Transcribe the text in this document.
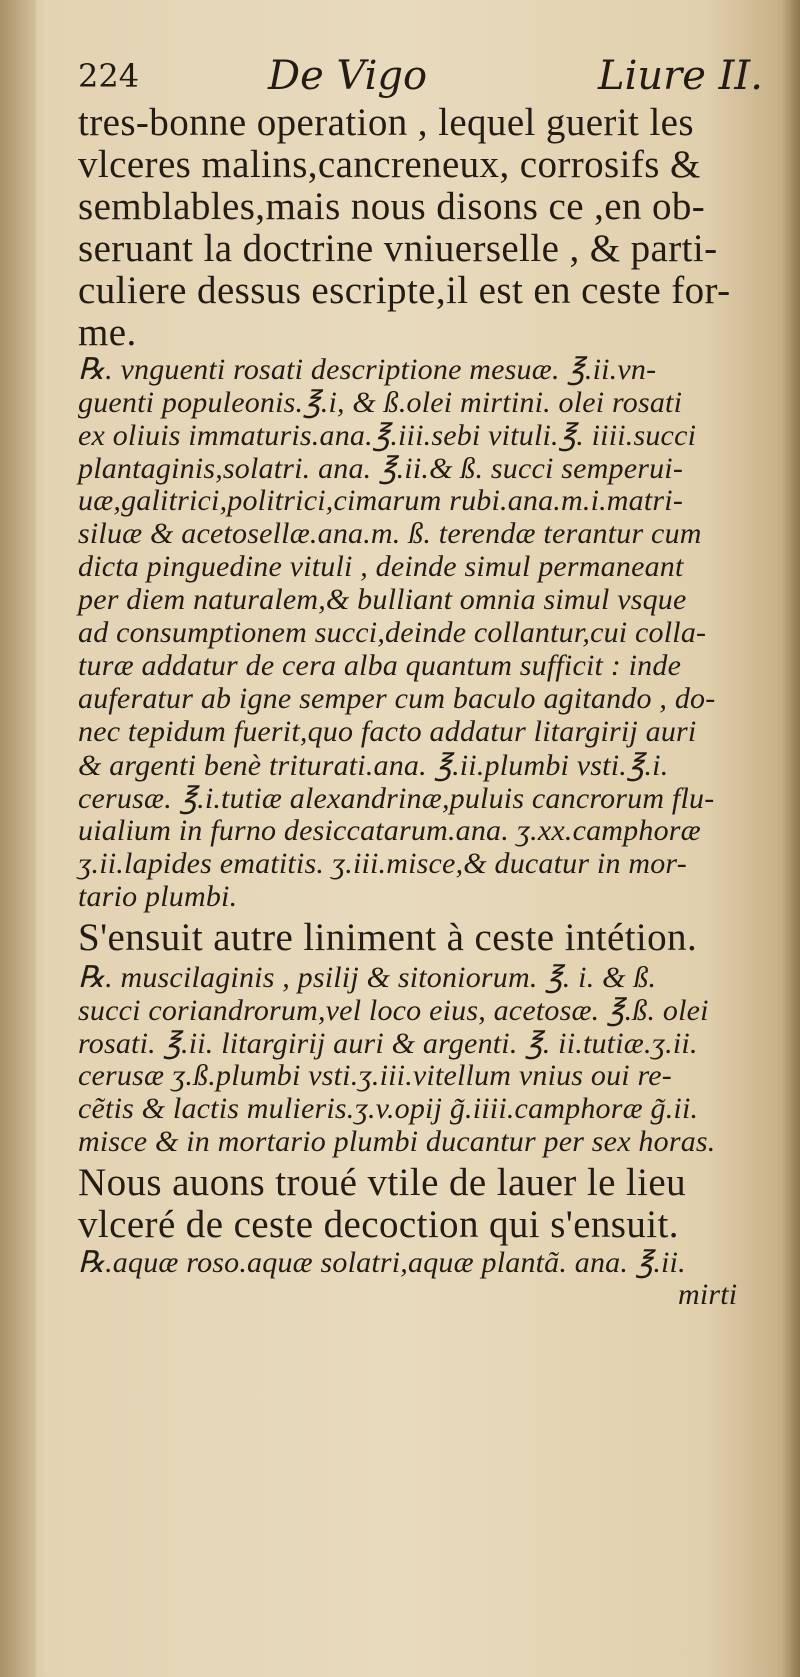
224	De Vigo	Liure II.
tres-bonne operation , lequel guerit les
vlceres malins,cancreneux, corrosifs &
semblables,mais nous disons ce ,en ob-
seruant la doctrine vniuerselle , & parti-
culiere dessus escripte,il est en ceste for-
me.
℞. vnguenti rosati descriptione mesuæ. ℥.ii.vn-
guenti populeonis.℥.i, & ß.olei mirtini. olei rosati
ex oliuis immaturis.ana.℥.iii.sebi vituli.℥. iiii.succi
plantaginis,solatri. ana. ℥.ii.& ß. succi semperui-
uæ,galitrici,politrici,cimarum rubi.ana.m.i.matri-
siluæ & acetosellæ.ana.m. ß. terendæ terantur cum
dicta pinguedine vituli , deinde simul permaneant
per diem naturalem,& bulliant omnia simul vsque
ad consumptionem succi,deinde collantur,cui colla-
turæ addatur de cera alba quantum sufficit : inde
auferatur ab igne semper cum baculo agitando , do-
nec tepidum fuerit,quo facto addatur litargirij auri
& argenti benè triturati.ana. ℥.ii.plumbi vsti.℥.i.
cerusæ. ℥.i.tutiæ alexandrinæ,puluis cancrorum flu-
uialium in furno desiccatarum.ana. ʒ.xx.camphoræ
ʒ.ii.lapides ematitis. ʒ.iii.misce,& ducatur in mor-
tario plumbi.
S'ensuit autre liniment à ceste intétion.
℞. muscilaginis , psilij & sitoniorum. ℥. i. & ß.
succi coriandrorum,vel loco eius, acetosæ. ℥.ß. olei
rosati. ℥.ii. litargirij auri & argenti. ℥. ii.tutiæ.ʒ.ii.
cerusæ ʒ.ß.plumbi vsti.ʒ.iii.vitellum vnius oui re-
cẽtis & lactis mulieris.ʒ.v.opij g̃.iiii.camphoræ g̃.ii.
misce & in mortario plumbi ducantur per sex horas.
Nous auons troué vtile de lauer le lieu
vlceré de ceste decoction qui s'ensuit.
℞.aquæ roso.aquæ solatri,aquæ plantã. ana. ℥.ii.
mirti
